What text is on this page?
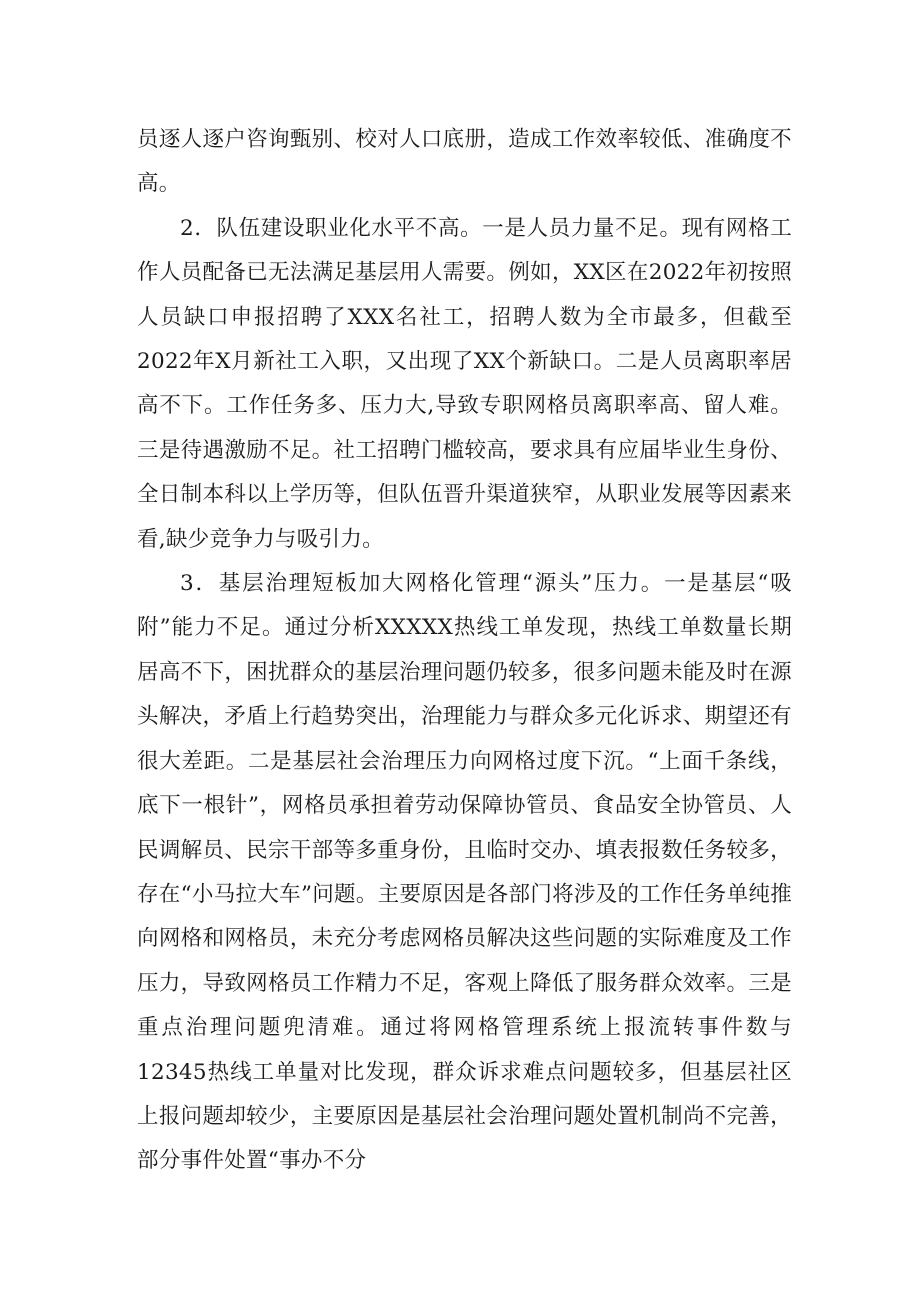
员逐人逐户咨询甄别、校对人口底册，造成工作效率较低、准确度不高。

2．队伍建设职业化水平不高。一是人员力量不足。现有网格工作人员配备已无法满足基层用人需要。例如，XX区在2022年初按照人员缺口申报招聘了XXX名社工，招聘人数为全市最多，但截至2022年X月新社工入职，又出现了XX个新缺口。二是人员离职率居高不下。工作任务多、压力大,导致专职网格员离职率高、留人难。三是待遇激励不足。社工招聘门槛较高，要求具有应届毕业生身份、全日制本科以上学历等，但队伍晋升渠道狭窄，从职业发展等因素来看,缺少竞争力与吸引力。

3．基层治理短板加大网格化管理“源头”压力。一是基层“吸附”能力不足。通过分析XXXXX热线工单发现，热线工单数量长期居高不下，困扰群众的基层治理问题仍较多，很多问题未能及时在源头解决，矛盾上行趋势突出，治理能力与群众多元化诉求、期望还有很大差距。二是基层社会治理压力向网格过度下沉。“上面千条线，底下一根针”，网格员承担着劳动保障协管员、食品安全协管员、人民调解员、民宗干部等多重身份，且临时交办、填表报数任务较多，存在“小马拉大车”问题。主要原因是各部门将涉及的工作任务单纯推向网格和网格员，未充分考虑网格员解决这些问题的实际难度及工作压力，导致网格员工作精力不足，客观上降低了服务群众效率。三是重点治理问题兜清难。通过将网格管理系统上报流转事件数与12345热线工单量对比发现，群众诉求难点问题较多，但基层社区上报问题却较少，主要原因是基层社会治理问题处置机制尚不完善，部分事件处置“事办不分
